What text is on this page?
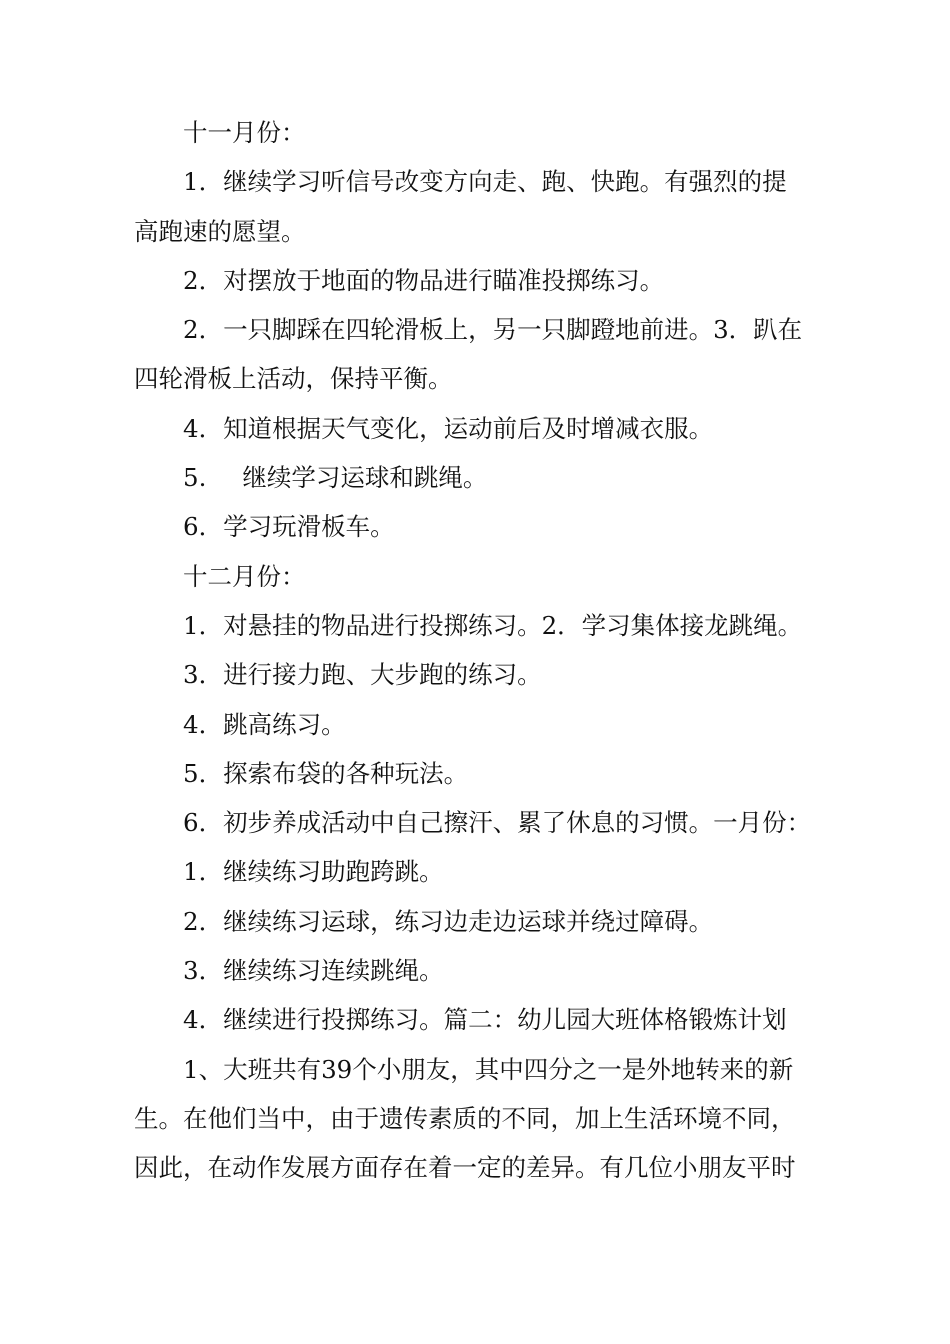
十一月份：

1．继续学习听信号改变方向走、跑、快跑。有强烈的提

高跑速的愿望。

2．对摆放于地面的物品进行瞄准投掷练习。

2．一只脚踩在四轮滑板上，另一只脚蹬地前进。3．趴在

四轮滑板上活动，保持平衡。

4．知道根据天气变化，运动前后及时增减衣服。

5. 继续学习运球和跳绳。

6．学习玩滑板车。

十二月份：

1．对悬挂的物品进行投掷练习。2．学习集体接龙跳绳。

3．进行接力跑、大步跑的练习。

4．跳高练习。

5．探索布袋的各种玩法。

6．初步养成活动中自己擦汗、累了休息的习惯。一月份：

1．继续练习助跑跨跳。

2．继续练习运球，练习边走边运球并绕过障碍。

3．继续练习连续跳绳。

4．继续进行投掷练习。篇二：幼儿园大班体格锻炼计划

1、大班共有39个小朋友，其中四分之一是外地转来的新

生。在他们当中，由于遗传素质的不同，加上生活环境不同，

因此，在动作发展方面存在着一定的差异。有几位小朋友平时
